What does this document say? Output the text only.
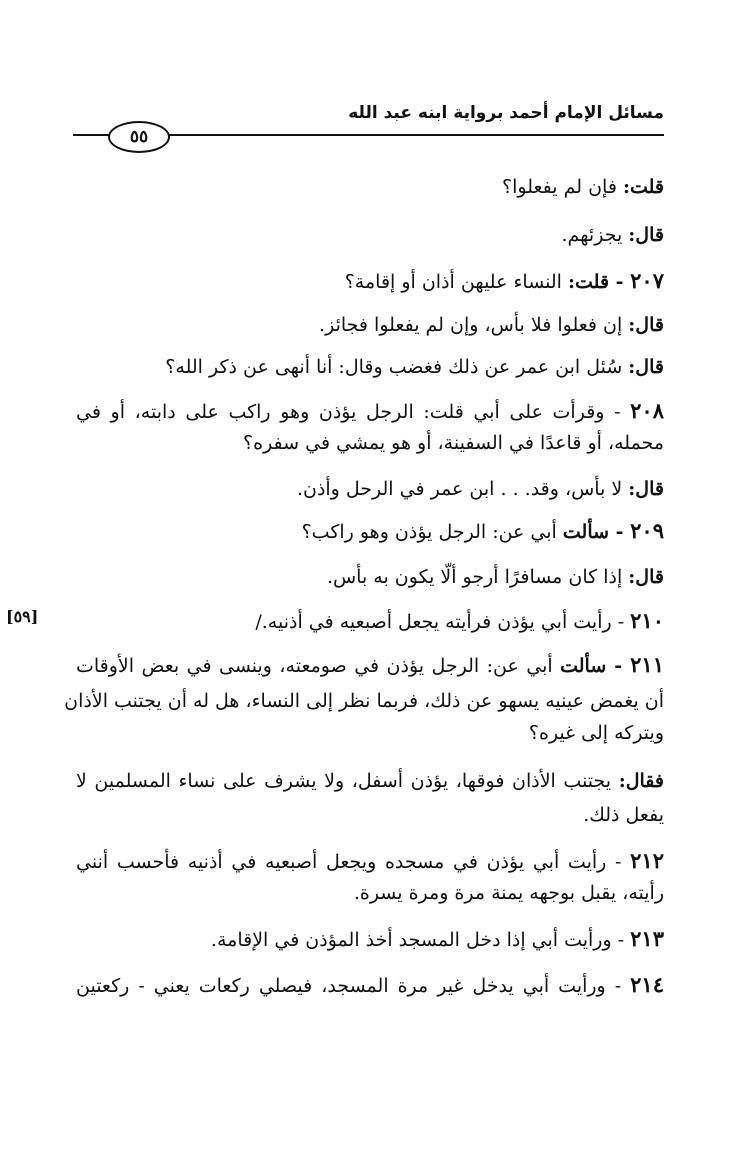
مسائل الإمام أحمد برواية ابنه عبد الله
٥٥
[٥٩]
قلت: فإن لم يفعلوا؟
قال: يجزئهم.
٢٠٧ - قلت: النساء عليهن أذان أو إقامة؟
قال: إن فعلوا فلا بأس، وإن لم يفعلوا فجائز.
قال: سُئل ابن عمر عن ذلك فغضب وقال: أنا أنهى عن ذكر الله؟
٢٠٨ - وقرأت على أبي قلت: الرجل يؤذن وهو راكب على دابته، أو في
محمله، أو قاعدًا في السفينة، أو هو يمشي في سفره؟
قال: لا بأس، وقد. . . ابن عمر في الرحل وأذن.
٢٠٩ - سألت أبي عن: الرجل يؤذن وهو راكب؟
قال: إذا كان مسافرًا أرجو ألّا يكون به بأس.
٢١٠ - رأيت أبي يؤذن فرأيته يجعل أصبعيه في أذنيه./
٢١١ - سألت أبي عن: الرجل يؤذن في صومعته، وينسى في بعض الأوقات
أن يغمض عينيه يسهو عن ذلك، فربما نظر إلى النساء، هل له أن يجتنب الأذان
ويتركه إلى غيره؟
فقال: يجتنب الأذان فوقها، يؤذن أسفل، ولا يشرف على نساء المسلمين لا
يفعل ذلك.
٢١٢ - رأيت أبي يؤذن في مسجده ويجعل أصبعيه في أذنيه فأحسب أنني
رأيته، يقبل بوجهه يمنة مرة ومرة يسرة.
٢١٣ - ورأيت أبي إذا دخل المسجد أخذ المؤذن في الإقامة.
٢١٤ - ورأيت أبي يدخل غير مرة المسجد، فيصلي ركعات يعني - ركعتين
